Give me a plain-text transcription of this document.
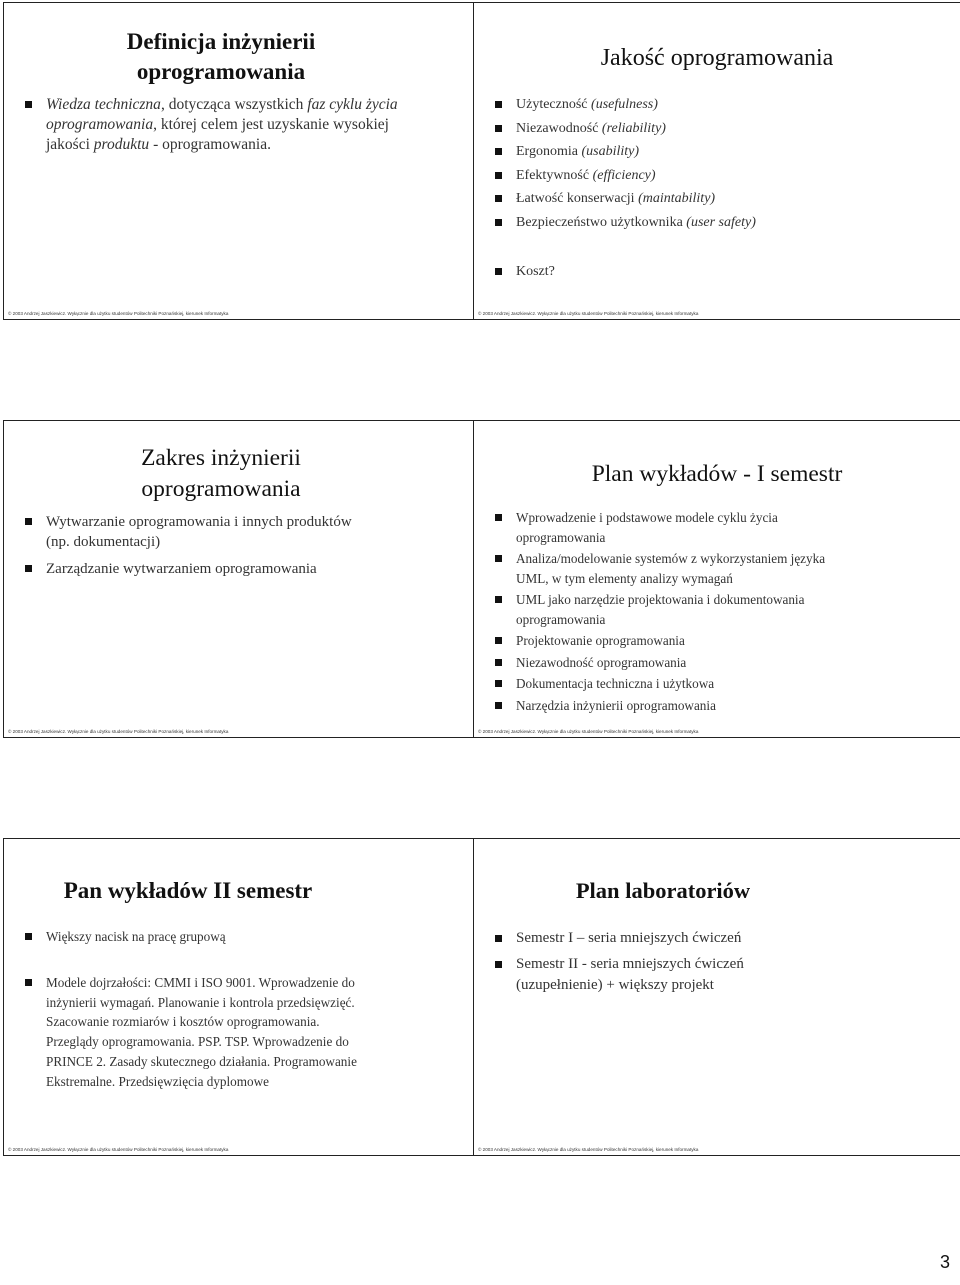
Definicja inżynierii oprogramowania
Wiedza techniczna, dotycząca wszystkich faz cyklu życia oprogramowania, której celem jest uzyskanie wysokiej jakości produktu - oprogramowania.
© 2003 Andrzej Jaszkiewicz. Wyłącznie dla użytku studentów Politechniki Poznańskiej, kierunek Informatyka
Jakość oprogramowania
Użyteczność (usefulness)
Niezawodność (reliability)
Ergonomia (usability)
Efektywność (efficiency)
Łatwość konserwacji (maintability)
Bezpieczeństwo użytkownika (user safety)
Koszt?
© 2003 Andrzej Jaszkiewicz. Wyłącznie dla użytku studentów Politechniki Poznańskiej, kierunek Informatyka
Zakres inżynierii oprogramowania
Wytwarzanie oprogramowania i innych produktów (np. dokumentacji)
Zarządzanie wytwarzaniem oprogramowania
© 2003 Andrzej Jaszkiewicz. Wyłącznie dla użytku studentów Politechniki Poznańskiej, kierunek Informatyka
Plan wykładów - I semestr
Wprowadzenie i podstawowe modele cyklu życia oprogramowania
Analiza/modelowanie systemów z wykorzystaniem języka UML, w tym elementy analizy wymagań
UML jako narzędzie projektowania i dokumentowania oprogramowania
Projektowanie oprogramowania
Niezawodność oprogramowania
Dokumentacja techniczna i użytkowa
Narzędzia inżynierii oprogramowania
© 2003 Andrzej Jaszkiewicz. Wyłącznie dla użytku studentów Politechniki Poznańskiej, kierunek Informatyka
Pan wykładów II semestr
Większy nacisk na pracę grupową
Modele dojrzałości: CMMI i ISO 9001. Wprowadzenie do inżynierii wymagań. Planowanie i kontrola przedsięwzięć. Szacowanie rozmiarów i kosztów oprogramowania. Przeglądy oprogramowania. PSP. TSP. Wprowadzenie do PRINCE 2. Zasady skutecznego działania. Programowanie Ekstremalne. Przedsięwzięcia dyplomowe
© 2003 Andrzej Jaszkiewicz. Wyłącznie dla użytku studentów Politechniki Poznańskiej, kierunek Informatyka
Plan laboratoriów
Semestr I – seria mniejszych ćwiczeń
Semestr II - seria mniejszych ćwiczeń (uzupełnienie) + większy projekt
© 2003 Andrzej Jaszkiewicz. Wyłącznie dla użytku studentów Politechniki Poznańskiej, kierunek Informatyka
3
